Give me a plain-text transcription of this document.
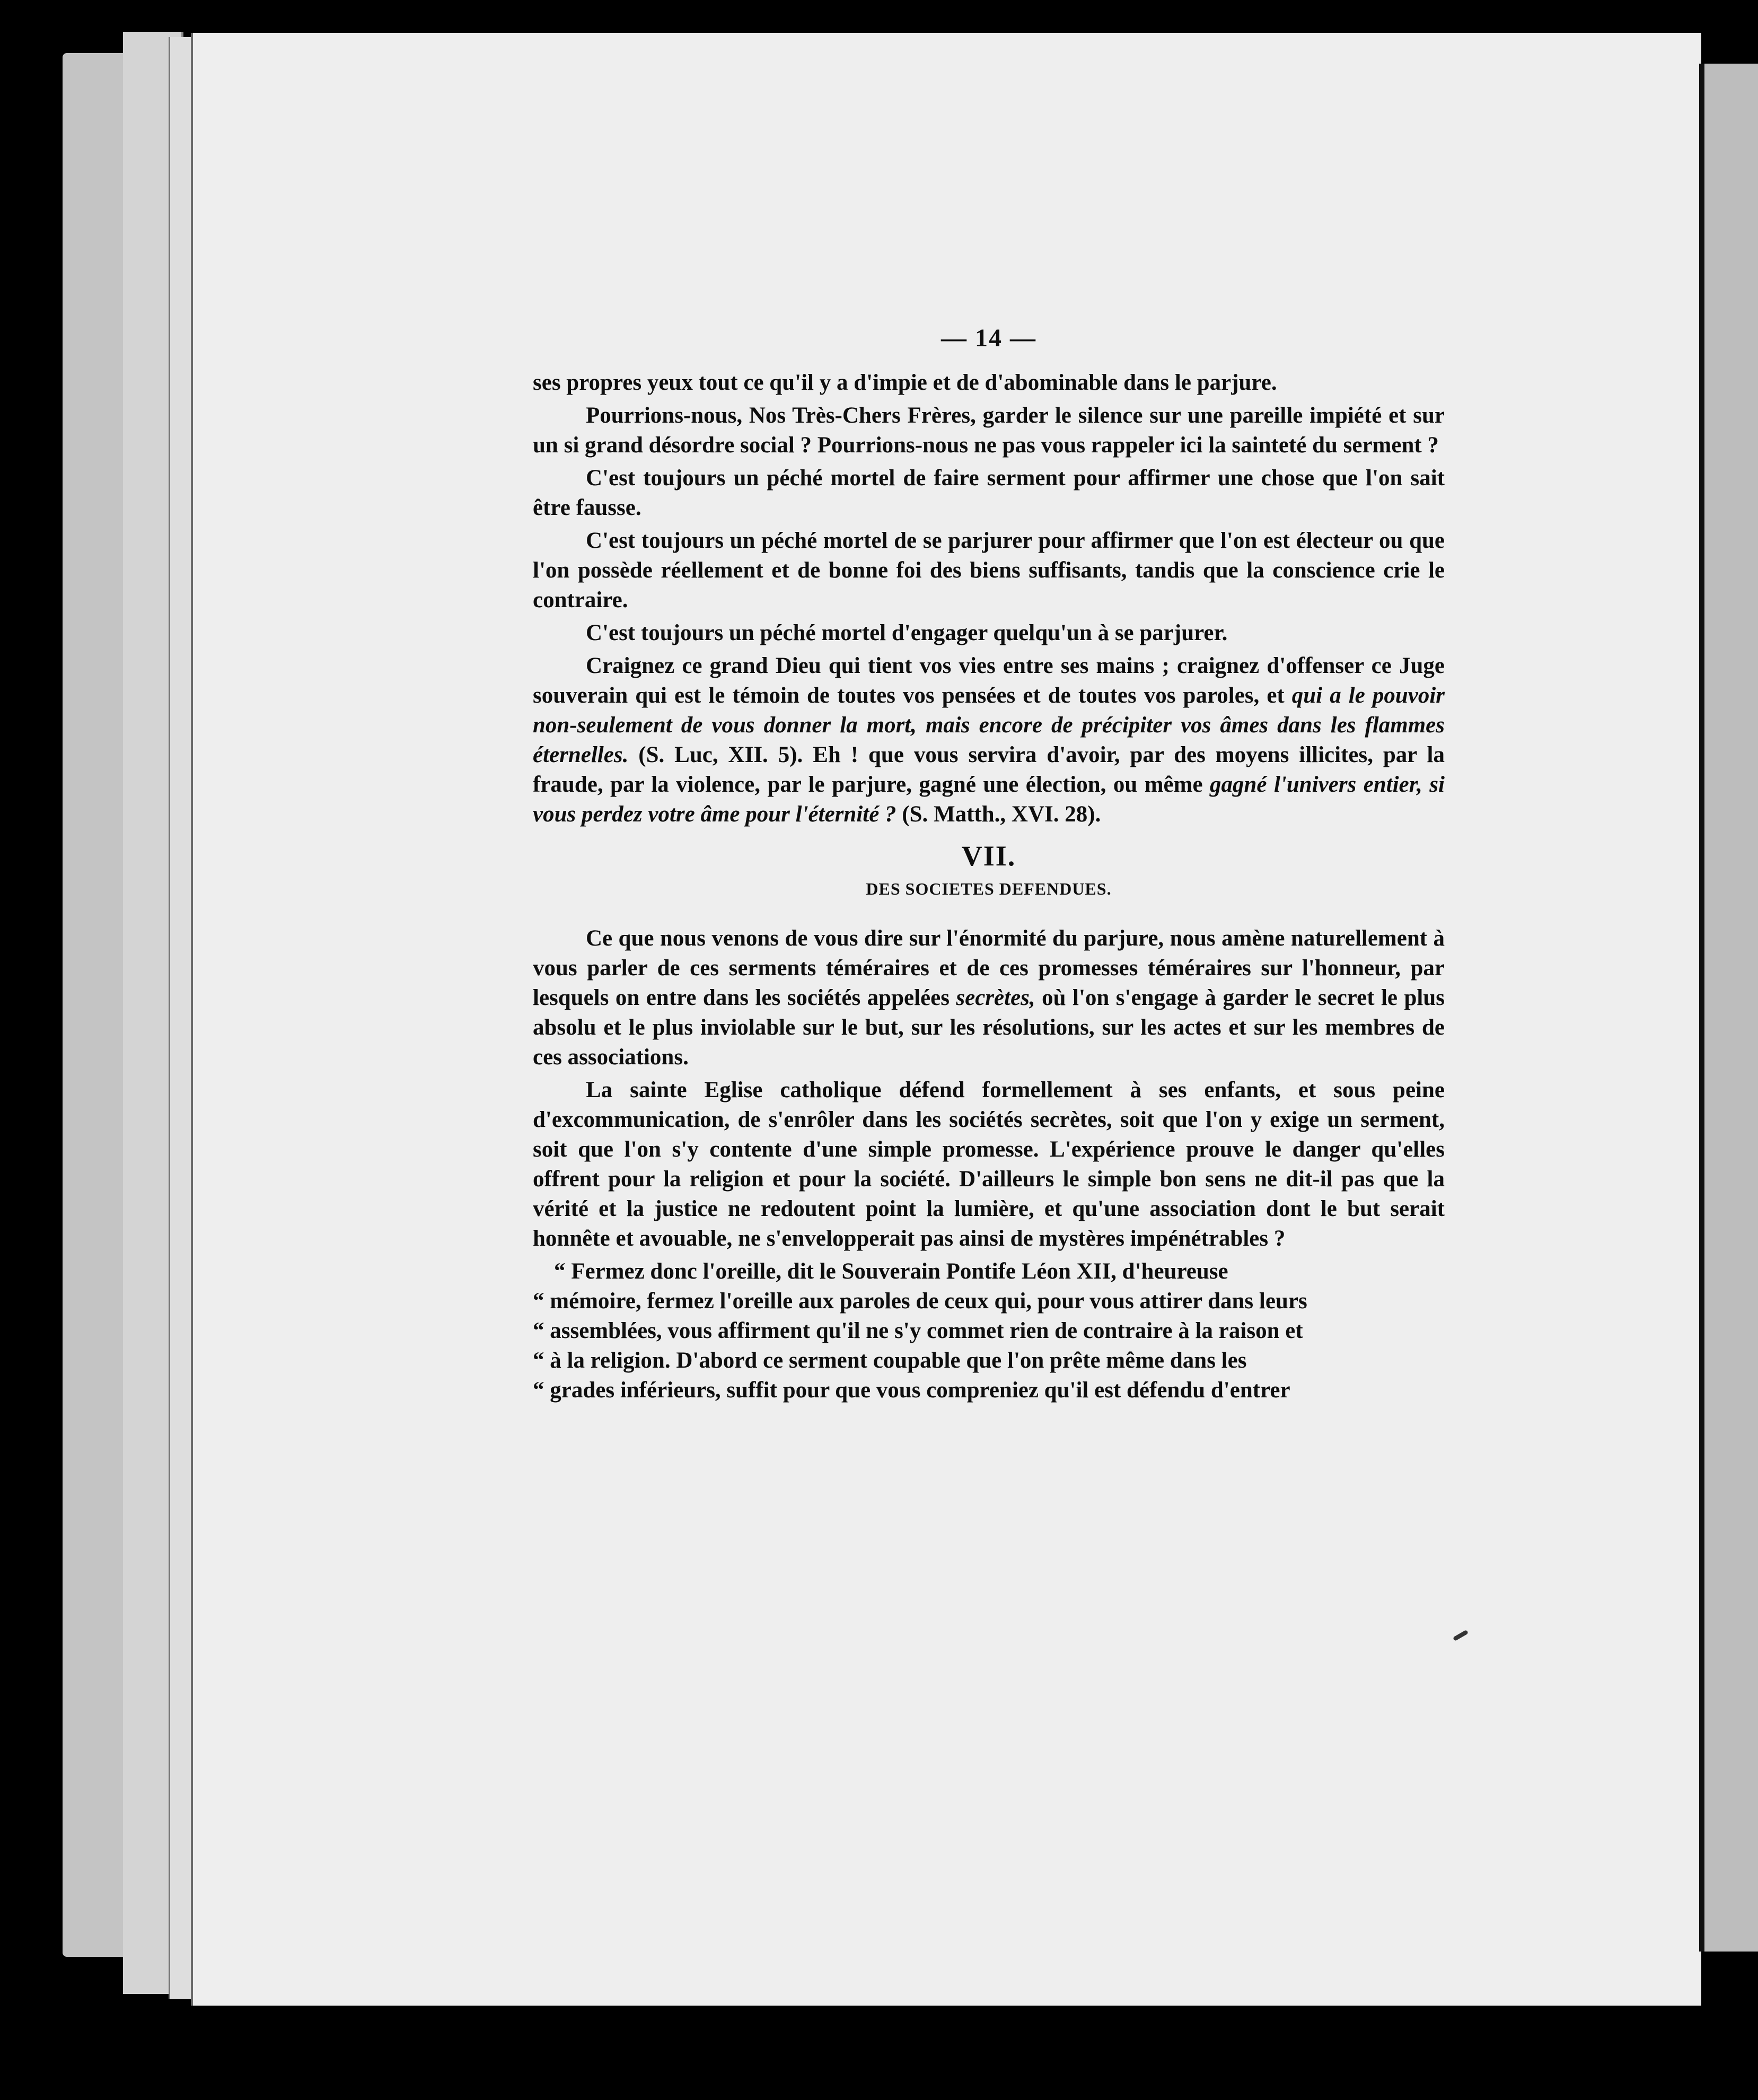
— 14 —

ses propres yeux tout ce qu'il y a d'impie et de d'abominable dans le parjure.

Pourrions-nous, Nos Très-Chers Frères, garder le silence sur une pareille impiété et sur un si grand désordre social ? Pourrions-nous ne pas vous rappeler ici la sainteté du serment ?

C'est toujours un péché mortel de faire serment pour affirmer une chose que l'on sait être fausse.

C'est toujours un péché mortel de se parjurer pour affirmer que l'on est électeur ou que l'on possède réellement et de bonne foi des biens suffisants, tandis que la conscience crie le contraire.

C'est toujours un péché mortel d'engager quelqu'un à se parjurer.

Craignez ce grand Dieu qui tient vos vies entre ses mains ; craignez d'offenser ce Juge souverain qui est le témoin de toutes vos pensées et de toutes vos paroles, et qui a le pouvoir non-seulement de vous donner la mort, mais encore de précipiter vos âmes dans les flammes éternelles. (S. Luc, XII. 5). Eh ! que vous servira d'avoir, par des moyens illicites, par la fraude, par la violence, par le parjure, gagné une élection, ou même gagné l'univers entier, si vous perdez votre âme pour l'éternité ? (S. Matth., XVI. 28).

VII.
DES SOCIETES DEFENDUES.

Ce que nous venons de vous dire sur l'énormité du parjure, nous amène naturellement à vous parler de ces serments téméraires et de ces promesses téméraires sur l'honneur, par lesquels on entre dans les sociétés appelées secrètes, où l'on s'engage à garder le secret le plus absolu et le plus inviolable sur le but, sur les résolutions, sur les actes et sur les membres de ces associations.

La sainte Eglise catholique défend formellement à ses enfants, et sous peine d'excommunication, de s'enrôler dans les sociétés secrètes, soit que l'on y exige un serment, soit que l'on s'y contente d'une simple promesse. L'expérience prouve le danger qu'elles offrent pour la religion et pour la société. D'ailleurs le simple bon sens ne dit-il pas que la vérité et la justice ne redoutent point la lumière, et qu'une association dont le but serait honnête et avouable, ne s'envelopperait pas ainsi de mystères impénétrables ?

“ Fermez donc l'oreille, dit le Souverain Pontife Léon XII, d'heureuse

“ mémoire, fermez l'oreille aux paroles de ceux qui, pour vous attirer dans leurs

“ assemblées, vous affirment qu'il ne s'y commet rien de contraire à la raison et

“ à la religion. D'abord ce serment coupable que l'on prête même dans les

“ grades inférieurs, suffit pour que vous compreniez qu'il est défendu d'entrer
